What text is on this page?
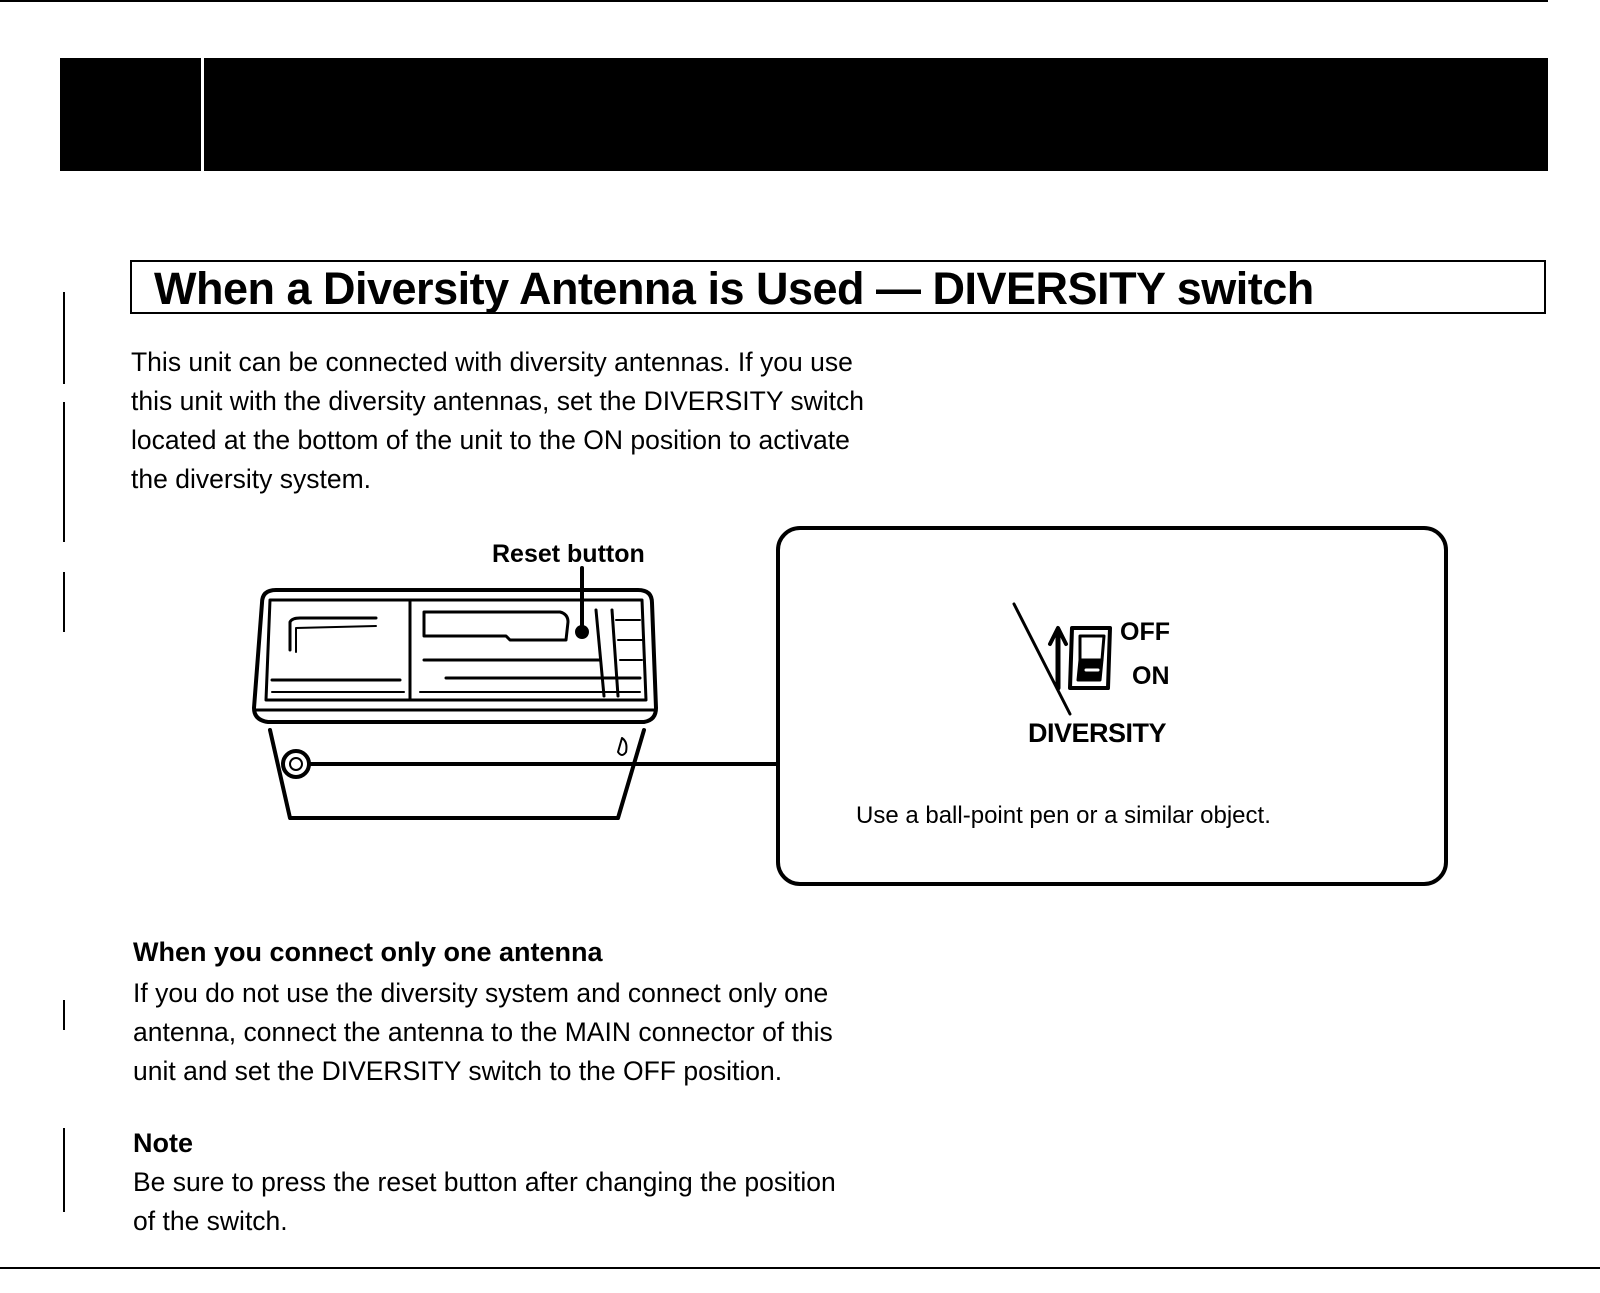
When a Diversity Antenna is Used — DIVERSITY switch
This unit can be connected with diversity antennas. If you use
this unit with the diversity antennas, set the DIVERSITY switch
located at the bottom of the unit to the ON position to activate
the diversity system.
Reset button
OFF
ON
DIVERSITY
Use a ball-point pen or a similar object.
When you connect only one antenna
If you do not use the diversity system and connect only one
antenna, connect the antenna to the MAIN connector of this
unit and set the DIVERSITY switch to the OFF position.
Note
Be sure to press the reset button after changing the position
of the switch.
